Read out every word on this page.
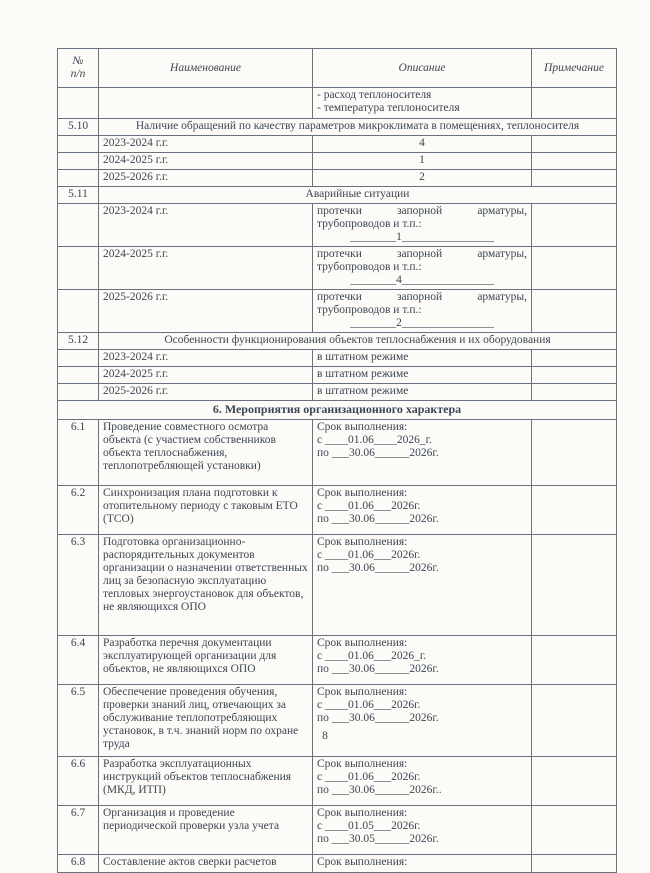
№
п/п	Наименование	Описание	Примечание

		- расход теплоносителя
- температура теплоносителя	

5.10	Наличие обращений по качеству параметров микроклимата в помещениях, теплоносителя		
	2023-2024 г.г.	4	
	2024-2025 г.г.	1	
	2025-2026 г.г.	2	
5.11	Аварийные ситуации		
	2023-2024 г.г.	протечки запорной арматуры,
трубопроводов и т.п.:
________1________________	

	2024-2025 г.г.	протечки запорной арматуры,
трубопроводов и т.п.:
________4________________	

	2025-2026 г.г.	протечки запорной арматуры,
трубопроводов и т.п.:
________2________________	

5.12	Особенности функционирования объектов теплоснабжения и их оборудования		
	2023-2024 г.г.	в штатном режиме	
	2024-2025 г.г.	в штатном режиме	
	2025-2026 г.г.	в штатном режиме	
6. Мероприятия организационного характера			
6.1	Проведение совместного осмотра объекта (с участием собственников объекта теплоснабжения, теплопотребляющей установки)	Срок выполнения:
с ____01.06____2026_г.
по ___30.06______2026г.	

6.2	Синхронизация плана подготовки к отопительному периоду с таковым ЕТО (ТСО)	Срок выполнения:
с ____01.06___2026г.
по ___30.06______2026г.	

6.3	Подготовка организационно-распорядительных документов организации о назначении ответственных лиц за безопасную эксплуатацию тепловых энергоустановок для объектов, не являющихся ОПО	Срок выполнения:
с ____01.06___2026г.
по ___30.06______2026г.	

6.4	Разработка перечня документации эксплуатирующей организации для объектов, не являющихся ОПО	Срок выполнения:
с ____01.06___2026_г.
по ___30.06______2026г.	

6.5	Обеспечение проведения обучения, проверки знаний лиц, отвечающих за обслуживание теплопотребляющих установок, в т.ч. знаний норм по охране труда	Срок выполнения:
с ____01.06___2026г.
по ___30.06______2026г.	

6.6	Разработка эксплуатационных инструкций объектов теплоснабжения (МКД, ИТП)	Срок выполнения:
с ____01.06___2026г.
по ___30.06______2026г..	

6.7	Организация и проведение периодической проверки узла учета	Срок выполнения:
с ____01.05___2026г.
по ___30.05______2026г.	

6.8	Составление актов сверки расчетов	Срок выполнения:	

8
